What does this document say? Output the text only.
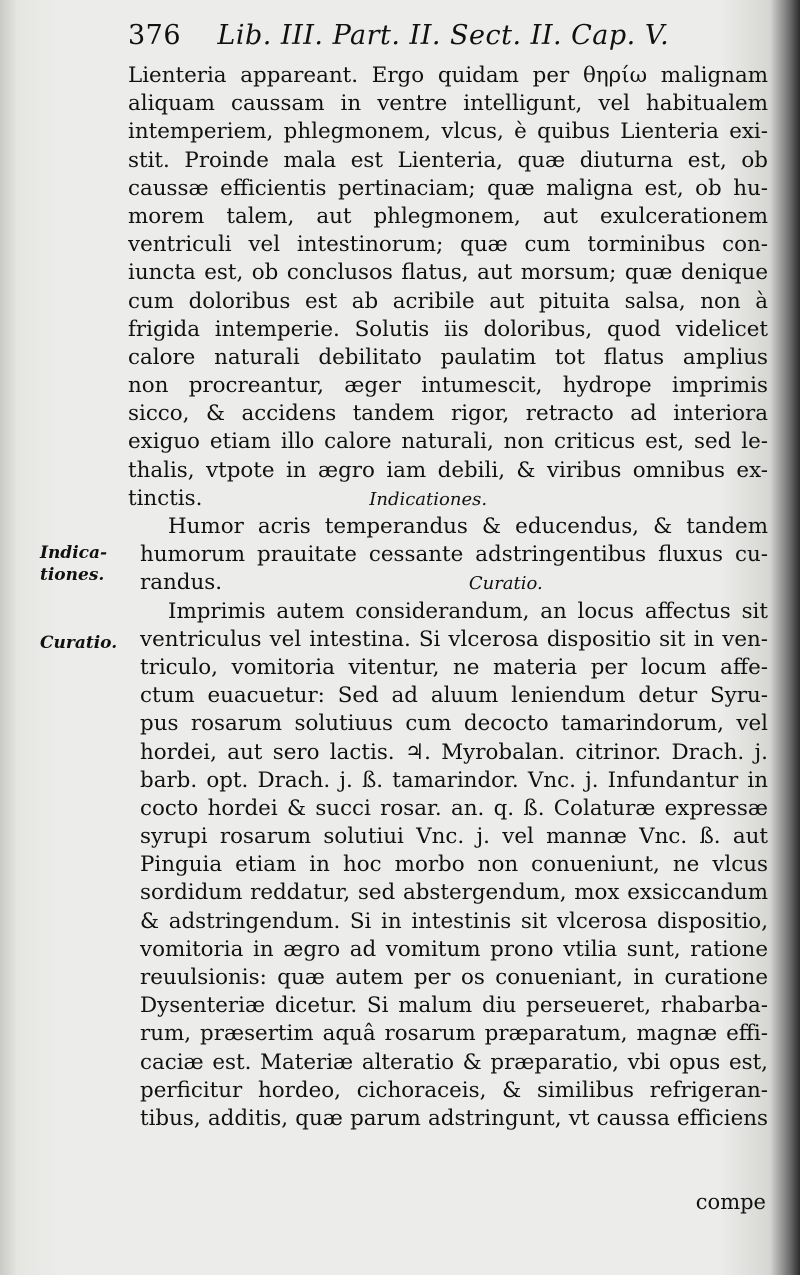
376 Lib. III. Part. II. Sect. II. Cap. V.
Lienteria appareant. Ergo quidam per θηρίω malignam
aliquam caussam in ventre intelligunt, vel habitualem
intemperiem, phlegmonem, vlcus, è quibus Lienteria exi-
stit. Proinde mala est Lienteria, quæ diuturna est, ob
caussæ efficientis pertinaciam; quæ maligna est, ob hu-
morem talem, aut phlegmonem, aut exulcerationem
ventriculi vel intestinorum; quæ cum torminibus con-
iuncta est, ob conclusos flatus, aut morsum; quæ denique
cum doloribus est ab acribile aut pituita salsa, non à
frigida intemperie. Solutis iis doloribus, quod videlicet
calore naturali debilitato paulatim tot flatus amplius
non procreantur, æger intumescit, hydrope imprimis
sicco, & accidens tandem rigor, retracto ad interiora
exiguo etiam illo calore naturali, non criticus est, sed le-
thalis, vtpote in ægro iam debili, & viribus omnibus ex-
tinctis.	Indicationes.
Humor acris temperandus & educendus, & tandem
humorum prauitate cessante adstringentibus fluxus cu-
randus.	Curatio.
Imprimis autem considerandum, an locus affectus sit
ventriculus vel intestina. Si vlcerosa dispositio sit in ven-
triculo, vomitoria vitentur, ne materia per locum affe-
ctum euacuetur: Sed ad aluum leniendum detur Syru-
pus rosarum solutiuus cum decocto tamarindorum, vel
hordei, aut sero lactis. ♃. Myrobalan. citrinor. Drach. j.
barb. opt. Drach. j. ß. tamarindor. Vnc. j. Infundantur in
cocto hordei & succi rosar. an. q. ß. Colaturæ expressæ
syrupi rosarum solutiui Vnc. j. vel mannæ Vnc. ß. aut
Pinguia etiam in hoc morbo non conueniunt, ne vlcus
sordidum reddatur, sed abstergendum, mox exsiccandum
& adstringendum. Si in intestinis sit vlcerosa dispositio,
vomitoria in ægro ad vomitum prono vtilia sunt, ratione
reuulsionis: quæ autem per os conueniant, in curatione
Dysenteriæ dicetur. Si malum diu perseueret, rhabarba-
rum, præsertim aquâ rosarum præparatum, magnæ effi-
caciæ est. Materiæ alteratio & præparatio, vbi opus est,
perficitur hordeo, cichoraceis, & similibus refrigeran-
tibus, additis, quæ parum adstringunt, vt caussa efficiens
Indica-
tiones.
Curatio.
compe
